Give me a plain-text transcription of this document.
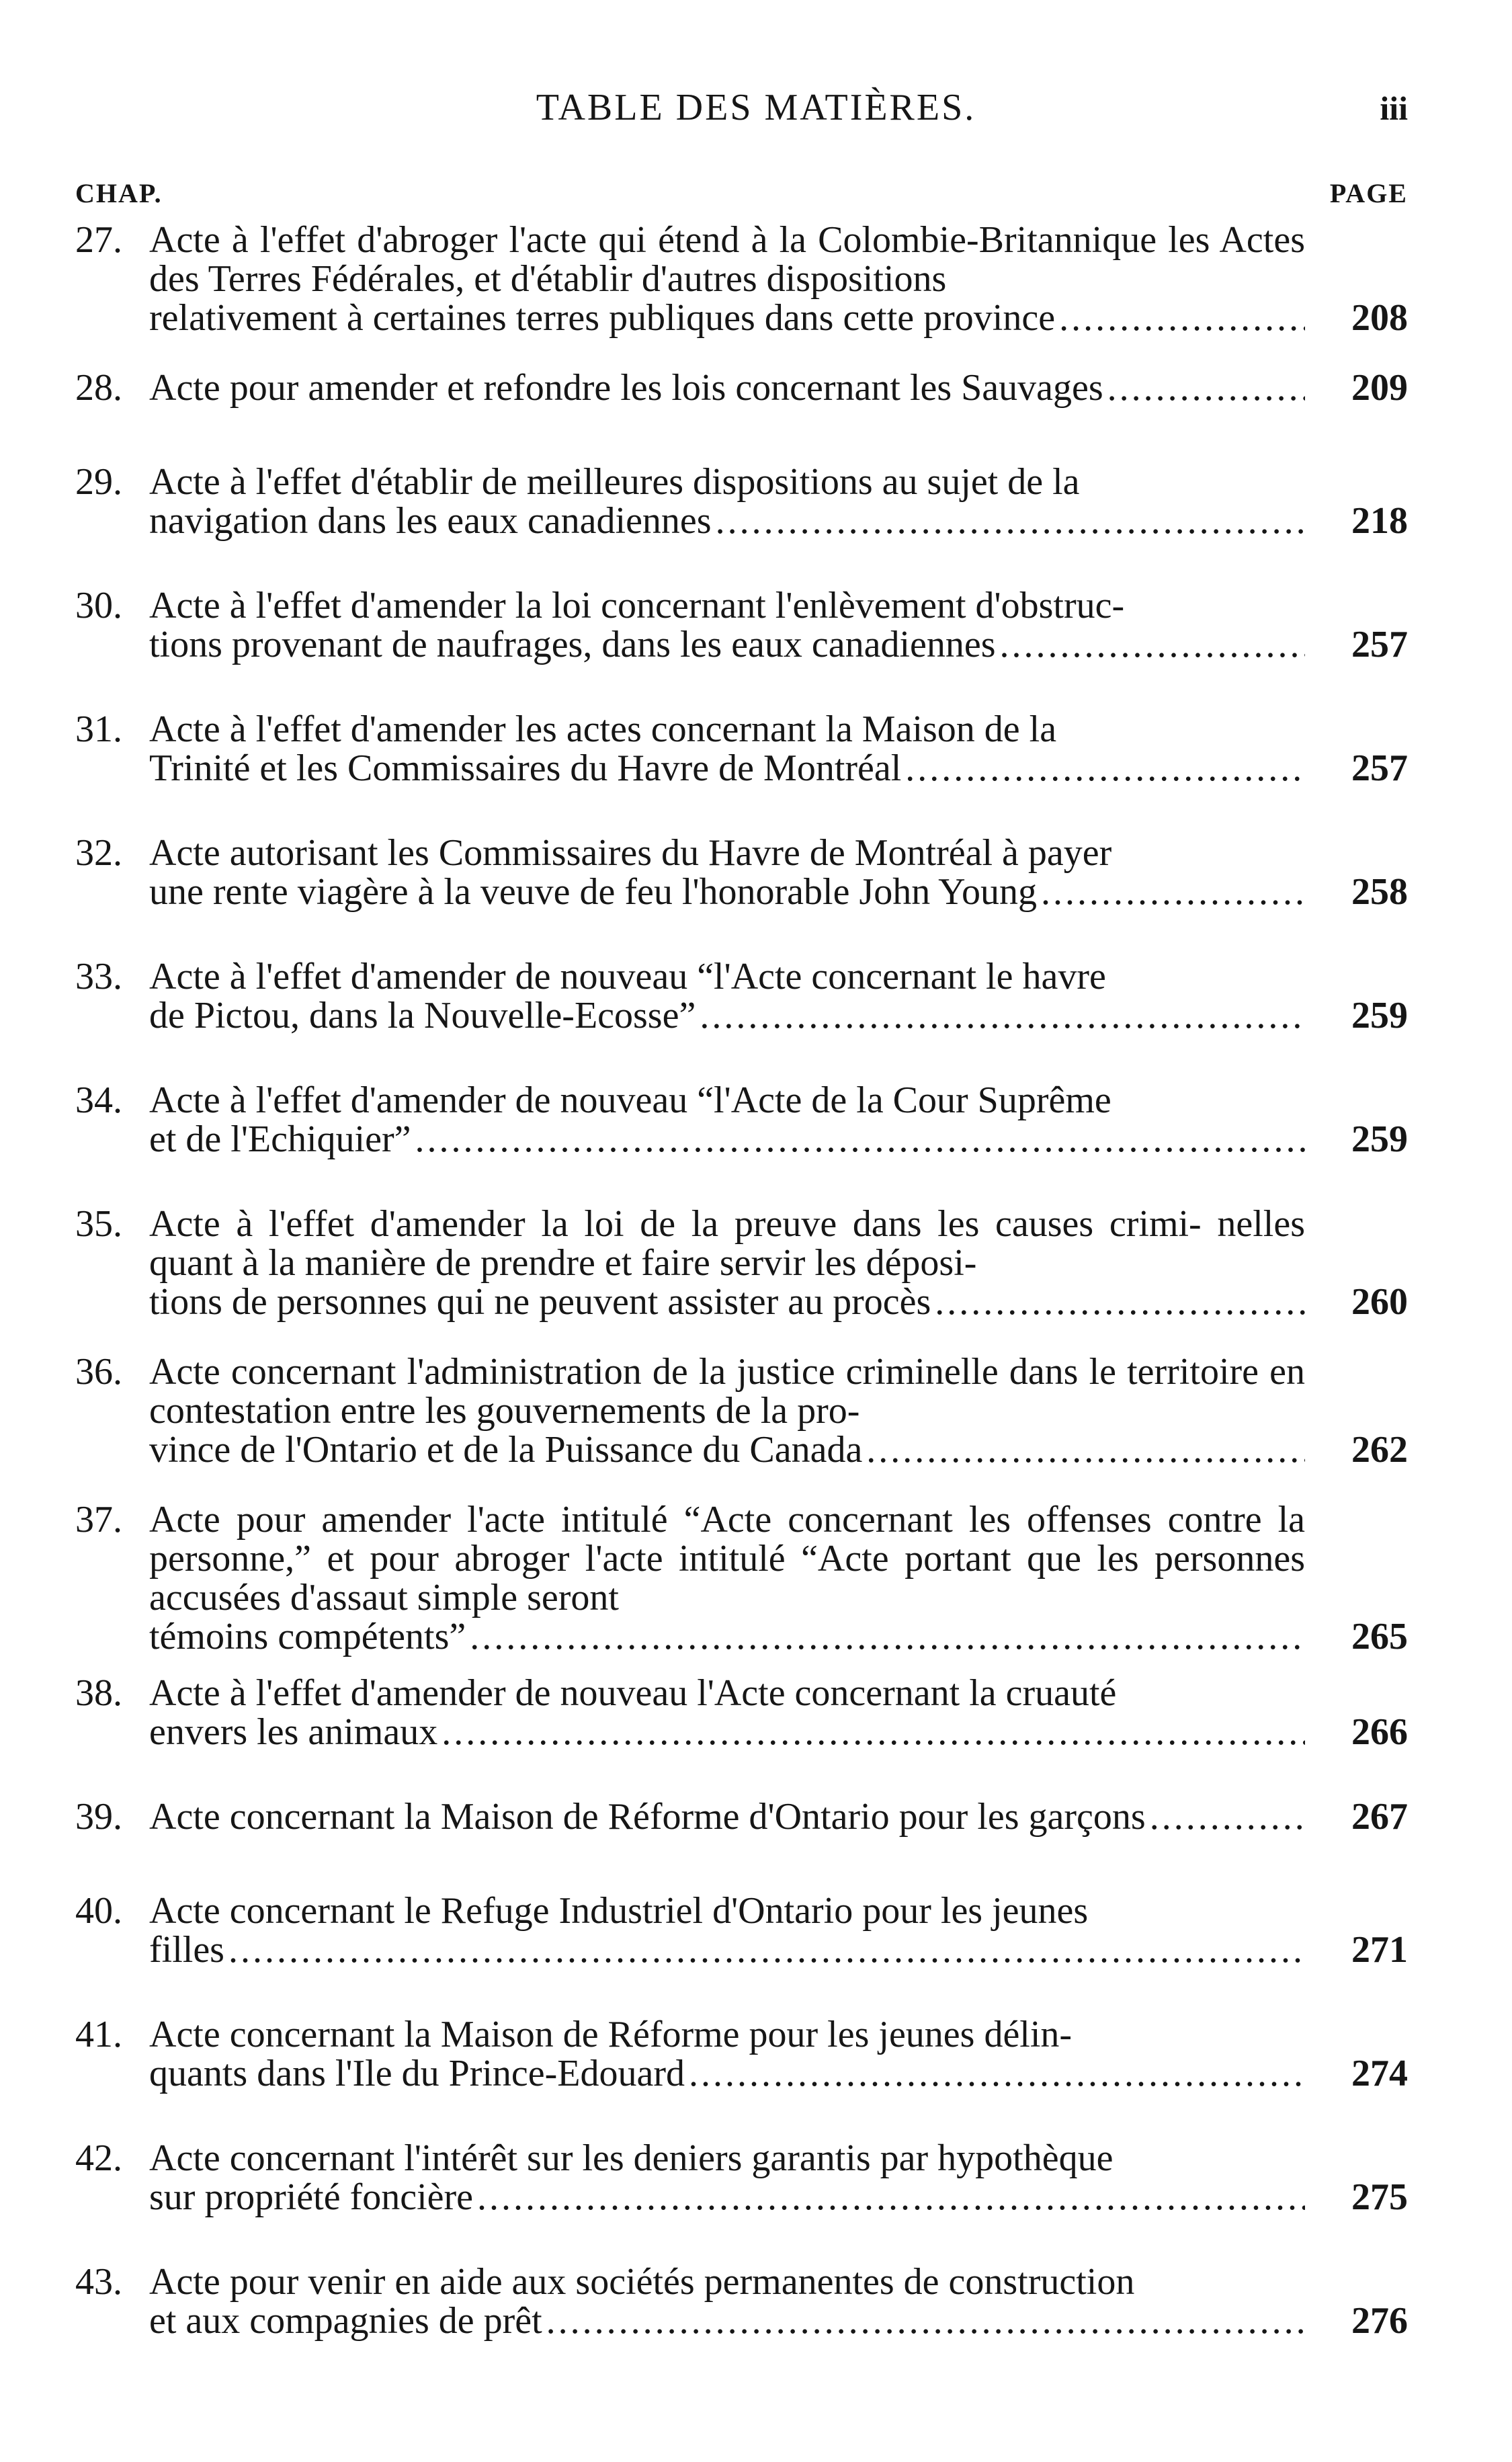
TABLE DES MATIÈRES.	iii
CHAP.	PAGE
27. Acte à l'effet d'abroger l'acte qui étend à la Colombie-Britannique les Actes des Terres Fédérales, et d'établir d'autres dispositions
relativement à certaines terres publiques dans cette province .....	208
28. Acte pour amender et refondre les lois concernant les Sauvages .....	209
29. Acte à l'effet d'établir de meilleures dispositions au sujet de la
navigation dans les eaux canadiennes .....	218
30. Acte à l'effet d'amender la loi concernant l'enlèvement d'obstruc-
tions provenant de naufrages, dans les eaux canadiennes .....	257
31. Acte à l'effet d'amender les actes concernant la Maison de la
Trinité et les Commissaires du Havre de Montréal .....	257
32. Acte autorisant les Commissaires du Havre de Montréal à payer
une rente viagère à la veuve de feu l'honorable John Young .....	258
33. Acte à l'effet d'amender de nouveau “l'Acte concernant le havre
de Pictou, dans la Nouvelle-Ecosse” .....	259
34. Acte à l'effet d'amender de nouveau “l'Acte de la Cour Suprême
et de l'Echiquier” .....	259
35. Acte à l'effet d'amender la loi de la preuve dans les causes crimi- nelles quant à la manière de prendre et faire servir les déposi-
tions de personnes qui ne peuvent assister au procès .....	260
36. Acte concernant l'administration de la justice criminelle dans le territoire en contestation entre les gouvernements de la pro-
vince de l'Ontario et de la Puissance du Canada .....	262
37. Acte pour amender l'acte intitulé “Acte concernant les offenses contre la personne,” et pour abroger l'acte intitulé “Acte portant que les personnes accusées d'assaut simple seront
témoins compétents” .....	265
38. Acte à l'effet d'amender de nouveau l'Acte concernant la cruauté
envers les animaux .....	266
39. Acte concernant la Maison de Réforme d'Ontario pour les garçons .....	267
40. Acte concernant le Refuge Industriel d'Ontario pour les jeunes
filles .....	271
41. Acte concernant la Maison de Réforme pour les jeunes délin-
quants dans l'Ile du Prince-Edouard .....	274
42. Acte concernant l'intérêt sur les deniers garantis par hypothèque
sur propriété foncière .....	275
43. Acte pour venir en aide aux sociétés permanentes de construction
et aux compagnies de prêt .....	276
